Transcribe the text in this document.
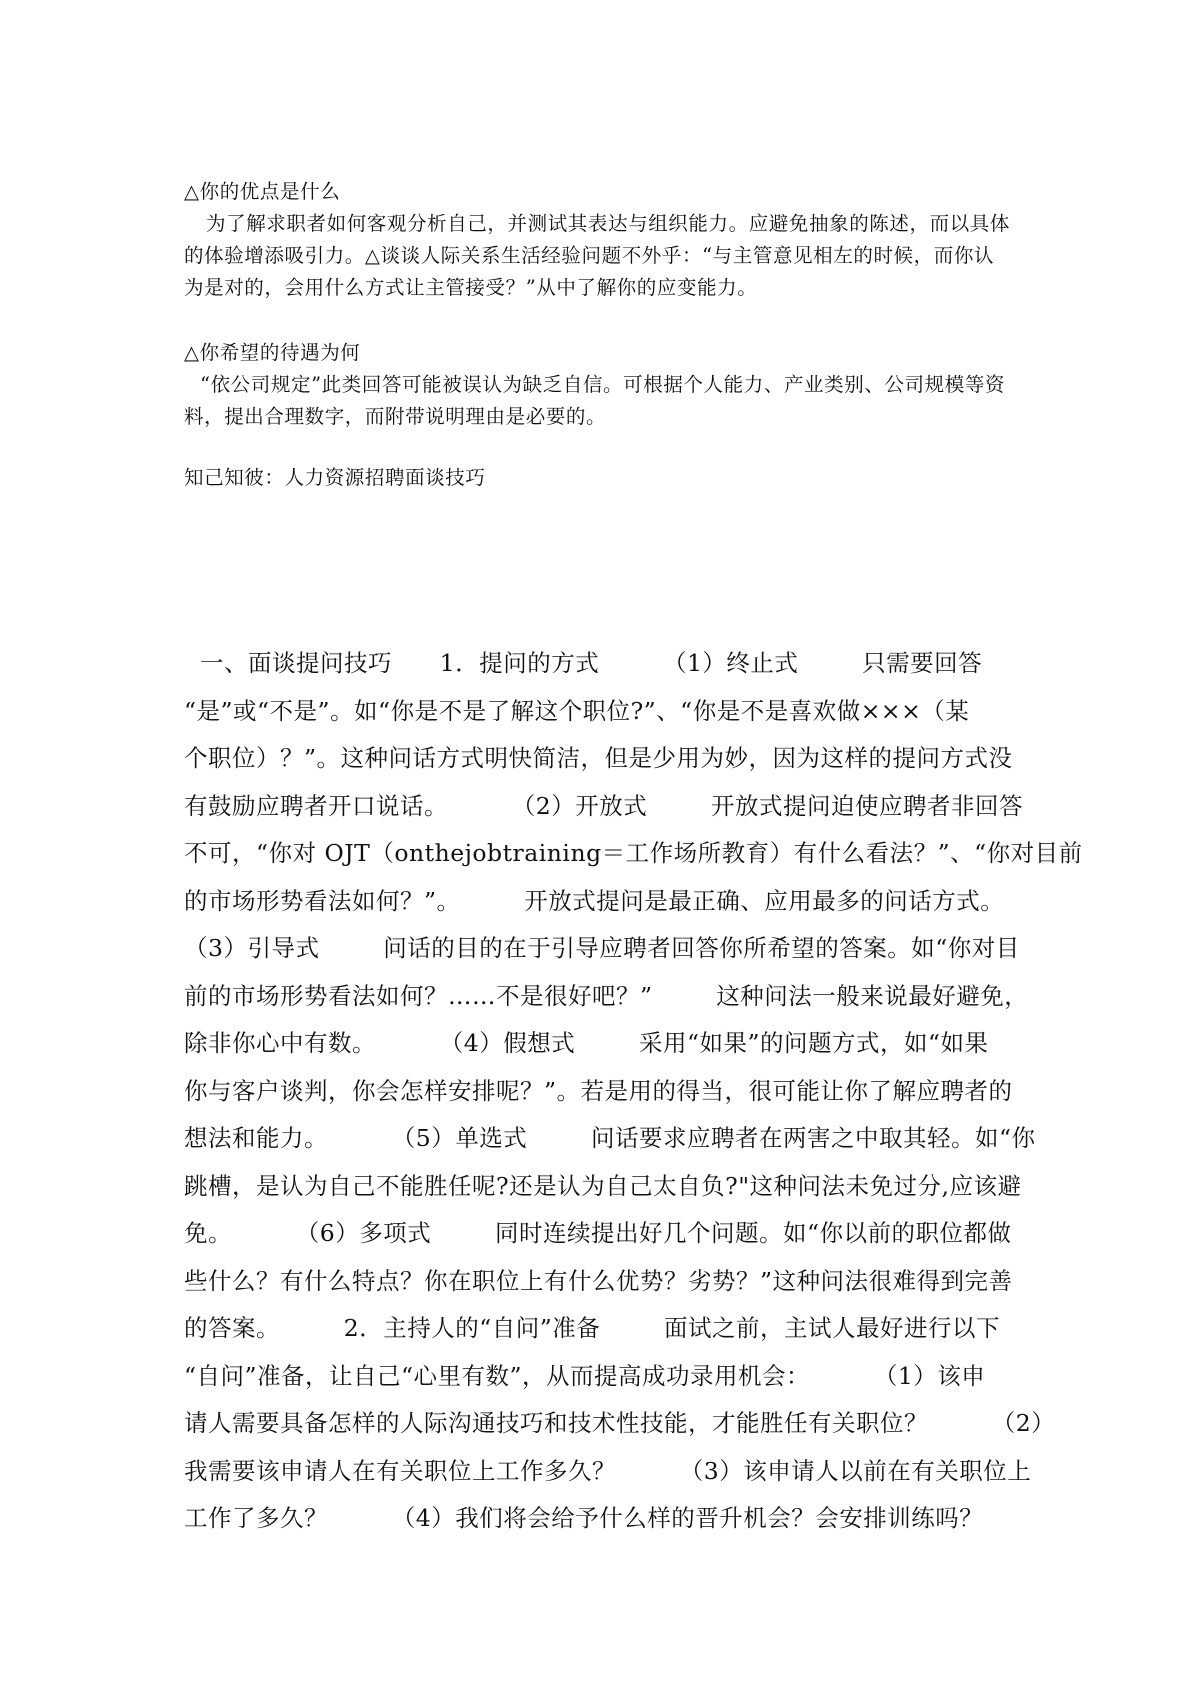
△你的优点是什么

为了解求职者如何客观分析自己，并测试其表达与组织能力。应避免抽象的陈述，而以具体的体验增添吸引力。△谈谈人际关系生活经验问题不外乎：“与主管意见相左的时候，而你认为是对的，会用什么方式让主管接受？”从中了解你的应变能力。

△你希望的待遇为何

“依公司规定”此类回答可能被误认为缺乏自信。可根据个人能力、产业类别、公司规模等资料，提出合理数字，而附带说明理由是必要的。

知己知彼：人力资源招聘面谈技巧

一、面谈提问技巧      1．提问的方式        （1）终止式        只需要回答
“是”或“不是”。如“你是不是了解这个职位?”、“你是不是喜欢做×××（某
个职位）？”。这种问话方式明快简洁，但是少用为妙，因为这样的提问方式没
有鼓励应聘者开口说话。        （2）开放式        开放式提问迫使应聘者非回答
不可，“你对 OJT（onthejobtraining＝工作场所教育）有什么看法？”、“你对目前
的市场形势看法如何？”。        开放式提问是最正确、应用最多的问话方式。
（3）引导式        问话的目的在于引导应聘者回答你所希望的答案。如“你对目
前的市场形势看法如何？……不是很好吧？”        这种问法一般来说最好避免，
除非你心中有数。        （4）假想式        采用“如果”的问题方式，如“如果
你与客户谈判，你会怎样安排呢？”。若是用的得当，很可能让你了解应聘者的
想法和能力。        （5）单选式        问话要求应聘者在两害之中取其轻。如“你
跳槽，是认为自己不能胜任呢?还是认为自己太自负?"这种问法未免过分,应该避
免。        （6）多项式        同时连续提出好几个问题。如“你以前的职位都做
些什么？有什么特点？你在职位上有什么优势？劣势？”这种问法很难得到完善
的答案。        2．主持人的“自问”准备        面试之前，主试人最好进行以下
“自问”准备，让自己“心里有数”，从而提高成功录用机会：        （1）该申
请人需要具备怎样的人际沟通技巧和技术性技能，才能胜任有关职位？        （2）
我需要该申请人在有关职位上工作多久？        （3）该申请人以前在有关职位上
工作了多久？        （4）我们将会给予什么样的晋升机会？会安排训练吗？
